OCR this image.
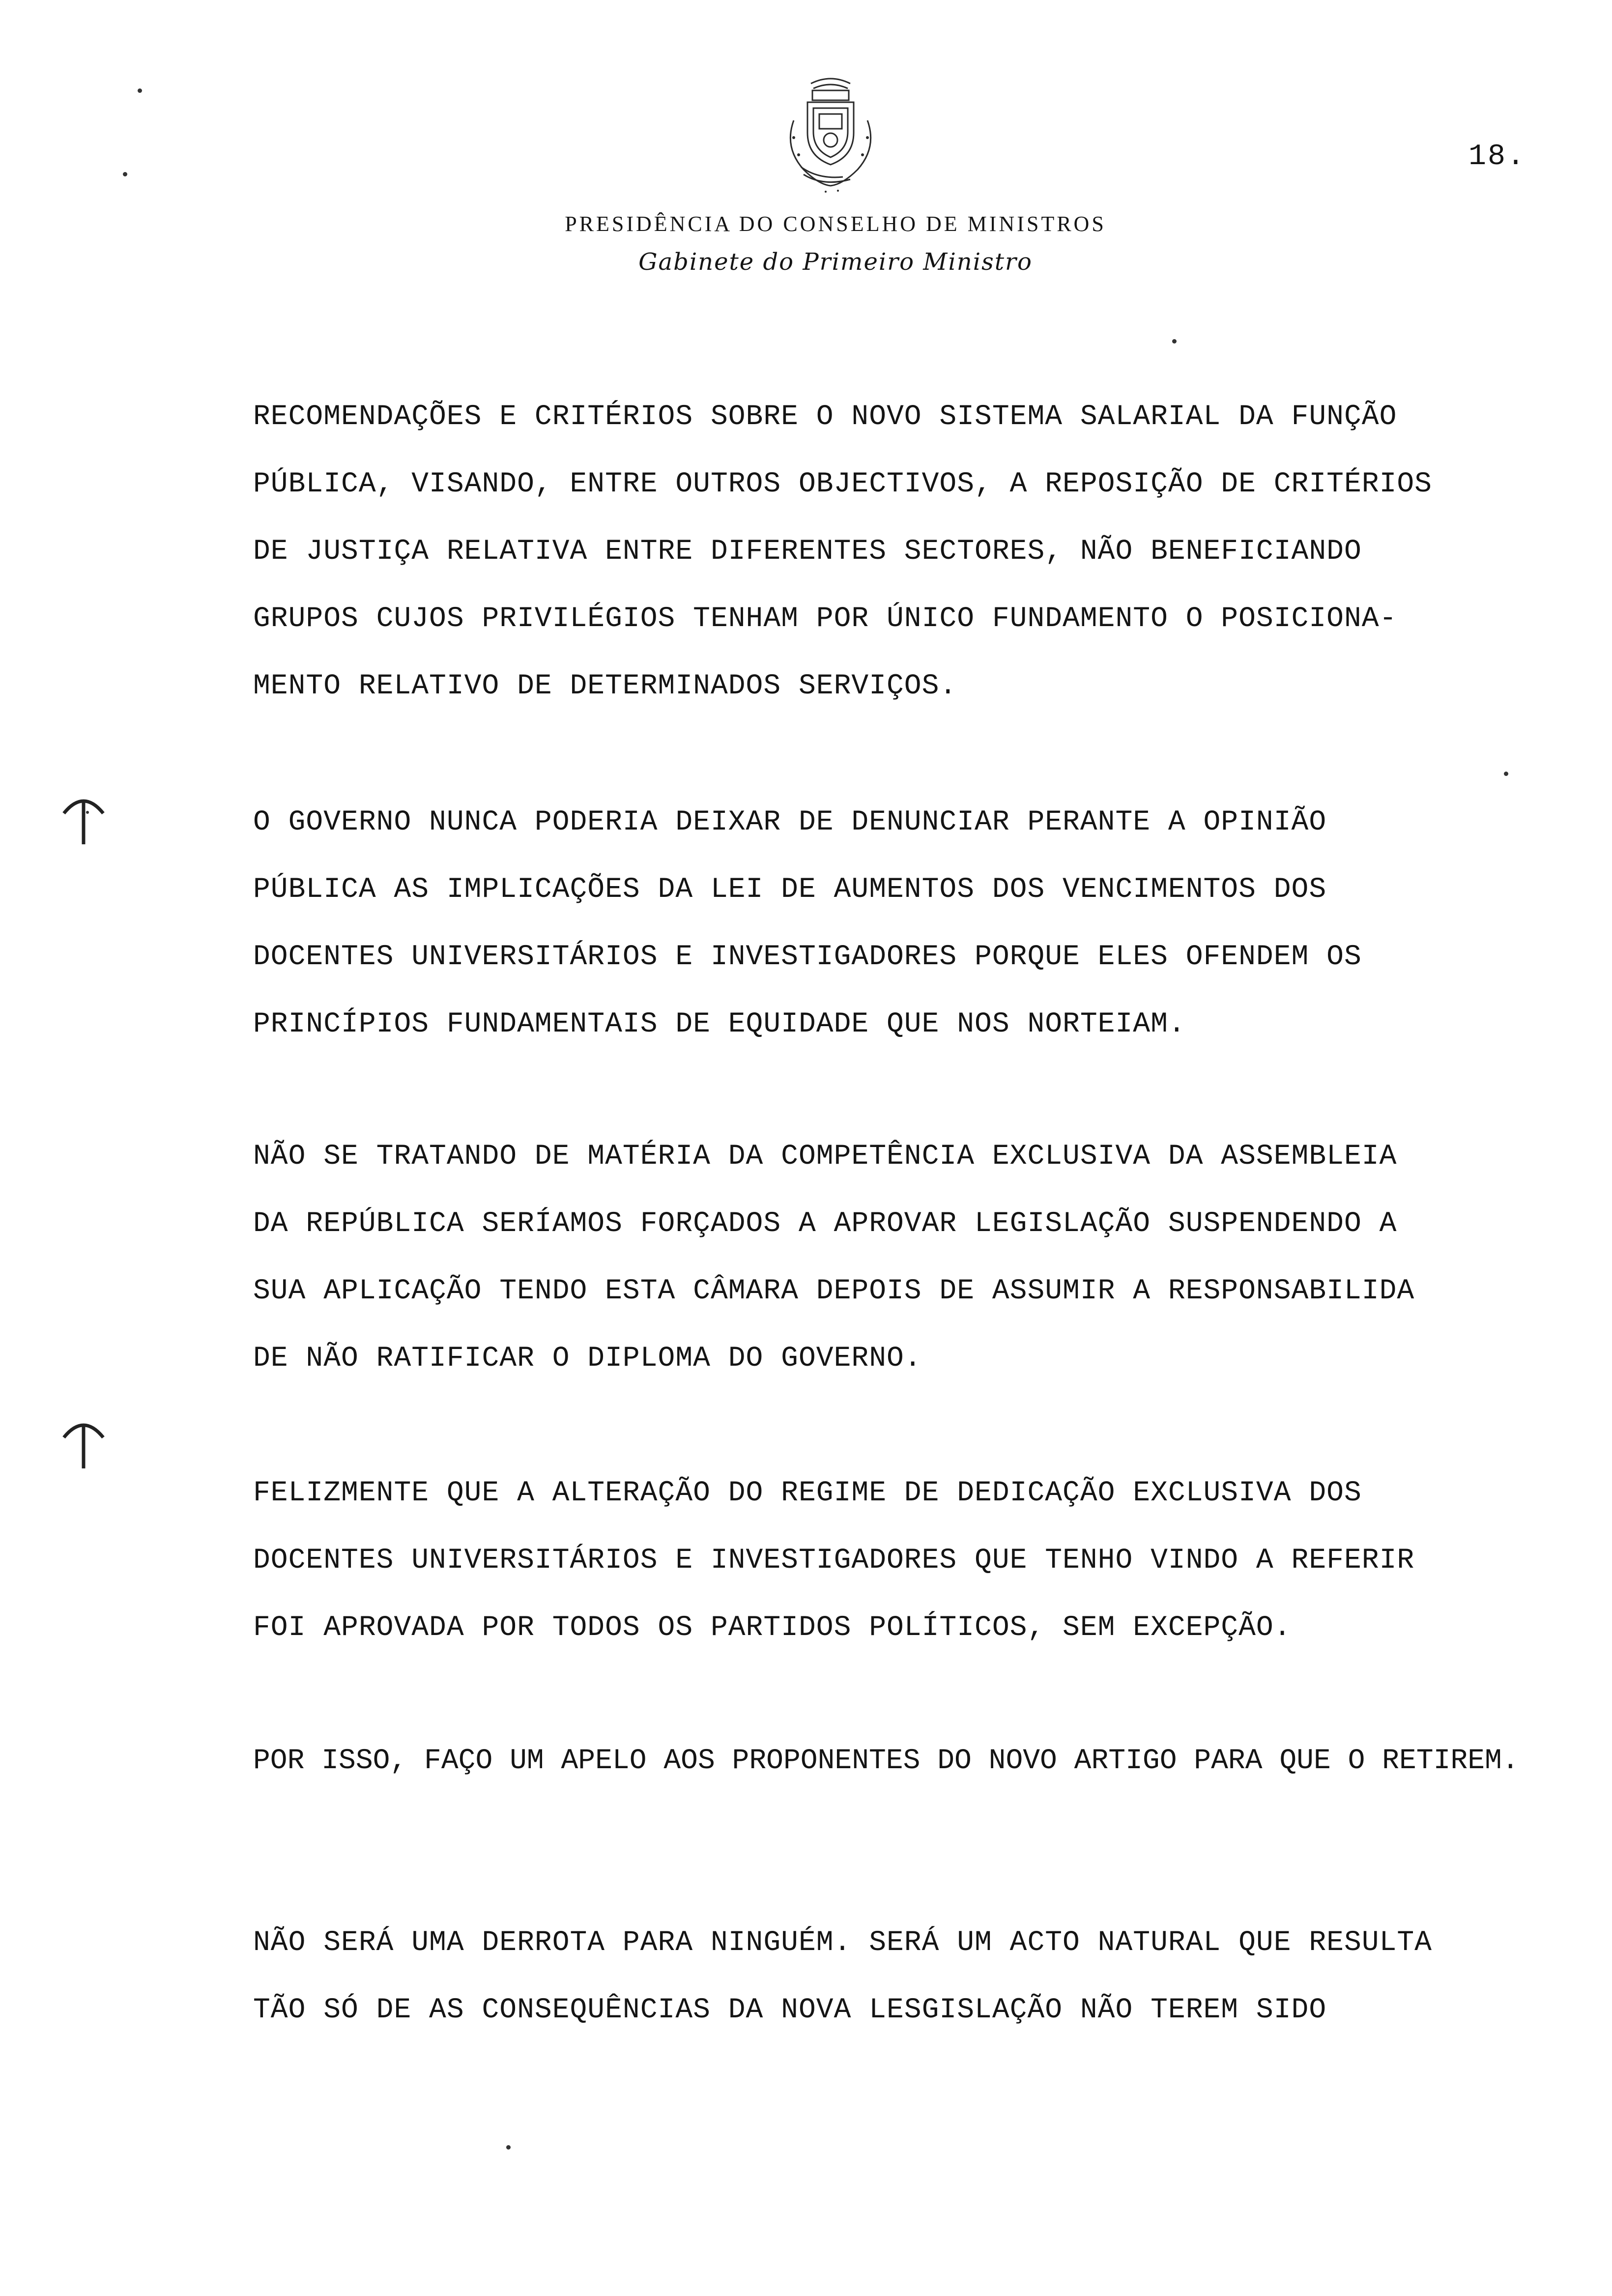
18.
PRESIDÊNCIA DO CONSELHO DE MINISTROS
Gabinete do Primeiro Ministro
RECOMENDAÇÕES E CRITÉRIOS SOBRE O NOVO SISTEMA SALARIAL DA FUNÇÃO
PÚBLICA, VISANDO, ENTRE OUTROS OBJECTIVOS, A REPOSIÇÃO DE CRITÉRIOS
DE JUSTIÇA RELATIVA ENTRE DIFERENTES SECTORES, NÃO BENEFICIANDO
GRUPOS CUJOS PRIVILÉGIOS TENHAM POR ÚNICO FUNDAMENTO O POSICIONA-
MENTO RELATIVO DE DETERMINADOS SERVIÇOS.
O GOVERNO NUNCA PODERIA DEIXAR DE DENUNCIAR PERANTE A OPINIÃO
PÚBLICA AS IMPLICAÇÕES DA LEI DE AUMENTOS DOS VENCIMENTOS DOS
DOCENTES UNIVERSITÁRIOS E INVESTIGADORES PORQUE ELES OFENDEM OS
PRINCÍPIOS FUNDAMENTAIS DE EQUIDADE QUE NOS NORTEIAM.
NÃO SE TRATANDO DE MATÉRIA DA COMPETÊNCIA EXCLUSIVA DA ASSEMBLEIA
DA REPÚBLICA SERÍAMOS FORÇADOS A APROVAR LEGISLAÇÃO SUSPENDENDO A
SUA APLICAÇÃO TENDO ESTA CÂMARA DEPOIS DE ASSUMIR A RESPONSABILIDA
DE NÃO RATIFICAR O DIPLOMA DO GOVERNO.
FELIZMENTE QUE A ALTERAÇÃO DO REGIME DE DEDICAÇÃO EXCLUSIVA DOS
DOCENTES UNIVERSITÁRIOS E INVESTIGADORES QUE TENHO VINDO A REFERIR
FOI APROVADA POR TODOS OS PARTIDOS POLÍTICOS, SEM EXCEPÇÃO.
POR ISSO, FAÇO UM APELO AOS PROPONENTES DO NOVO ARTIGO PARA QUE O RETIREM.
NÃO SERÁ UMA DERROTA PARA NINGUÉM. SERÁ UM ACTO NATURAL QUE RESULTA
TÃO SÓ DE AS CONSEQUÊNCIAS DA NOVA LESGISLAÇÃO NÃO TEREM SIDO
